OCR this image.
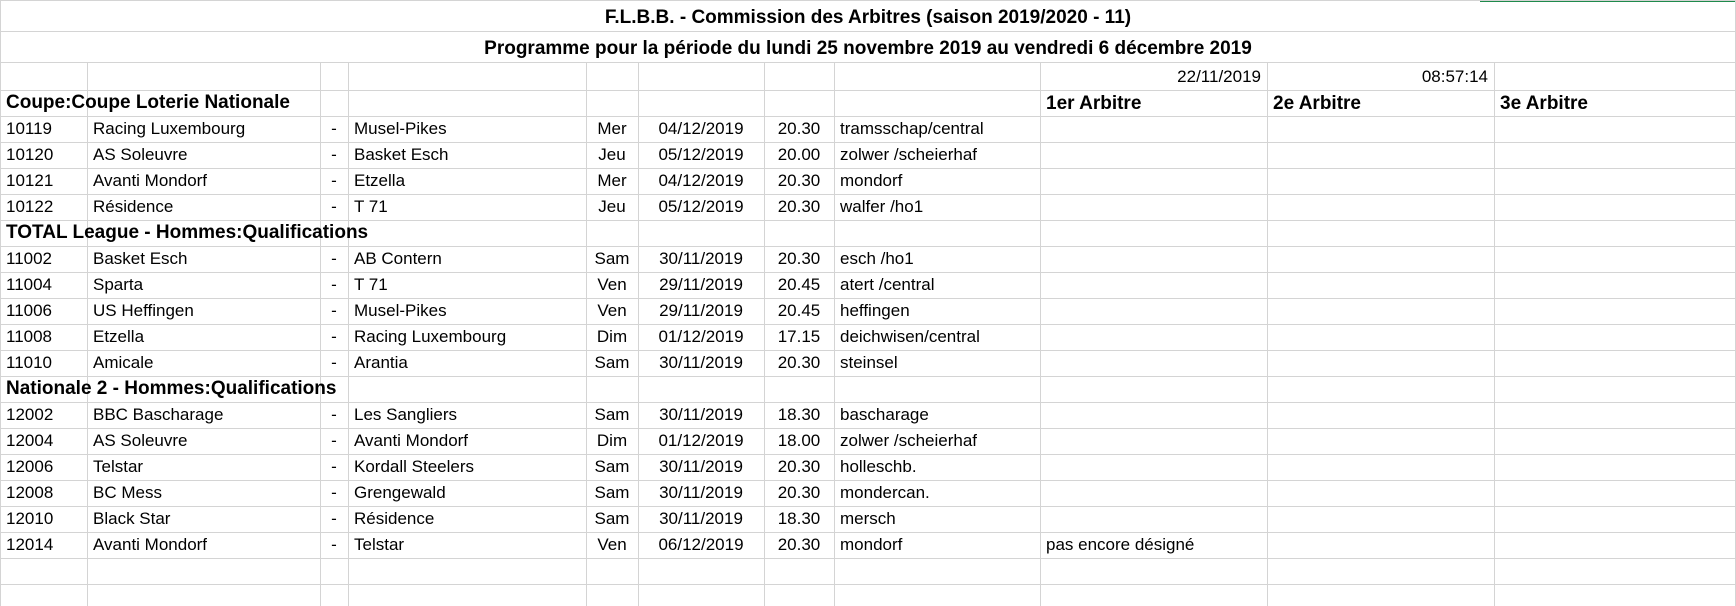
F.L.B.B. - Commission des Arbitres (saison 2019/2020 - 11)
Programme pour la période du lundi 25 novembre 2019 au vendredi 6 décembre 2019
22/11/2019	08:57:14
Coupe:Coupe Loterie Nationale	1er Arbitre	2e Arbitre	3e Arbitre
10119	Racing Luxembourg	-	Musel-Pikes	Mer	04/12/2019	20.30	tramsschap/central
10120	AS Soleuvre	-	Basket Esch	Jeu	05/12/2019	20.00	zolwer /scheierhaf
10121	Avanti Mondorf	-	Etzella	Mer	04/12/2019	20.30	mondorf
10122	Résidence	-	T 71	Jeu	05/12/2019	20.30	walfer /ho1
TOTAL League - Hommes:Qualifications
11002	Basket Esch	-	AB Contern	Sam	30/11/2019	20.30	esch /ho1
11004	Sparta	-	T 71	Ven	29/11/2019	20.45	atert /central
11006	US Heffingen	-	Musel-Pikes	Ven	29/11/2019	20.45	heffingen
11008	Etzella	-	Racing Luxembourg	Dim	01/12/2019	17.15	deichwisen/central
11010	Amicale	-	Arantia	Sam	30/11/2019	20.30	steinsel
Nationale 2 - Hommes:Qualifications
12002	BBC Bascharage	-	Les Sangliers	Sam	30/11/2019	18.30	bascharage
12004	AS Soleuvre	-	Avanti Mondorf	Dim	01/12/2019	18.00	zolwer /scheierhaf
12006	Telstar	-	Kordall Steelers	Sam	30/11/2019	20.30	holleschb.
12008	BC Mess	-	Grengewald	Sam	30/11/2019	20.30	mondercan.
12010	Black Star	-	Résidence	Sam	30/11/2019	18.30	mersch
12014	Avanti Mondorf	-	Telstar	Ven	06/12/2019	20.30	mondorf	pas encore désigné
